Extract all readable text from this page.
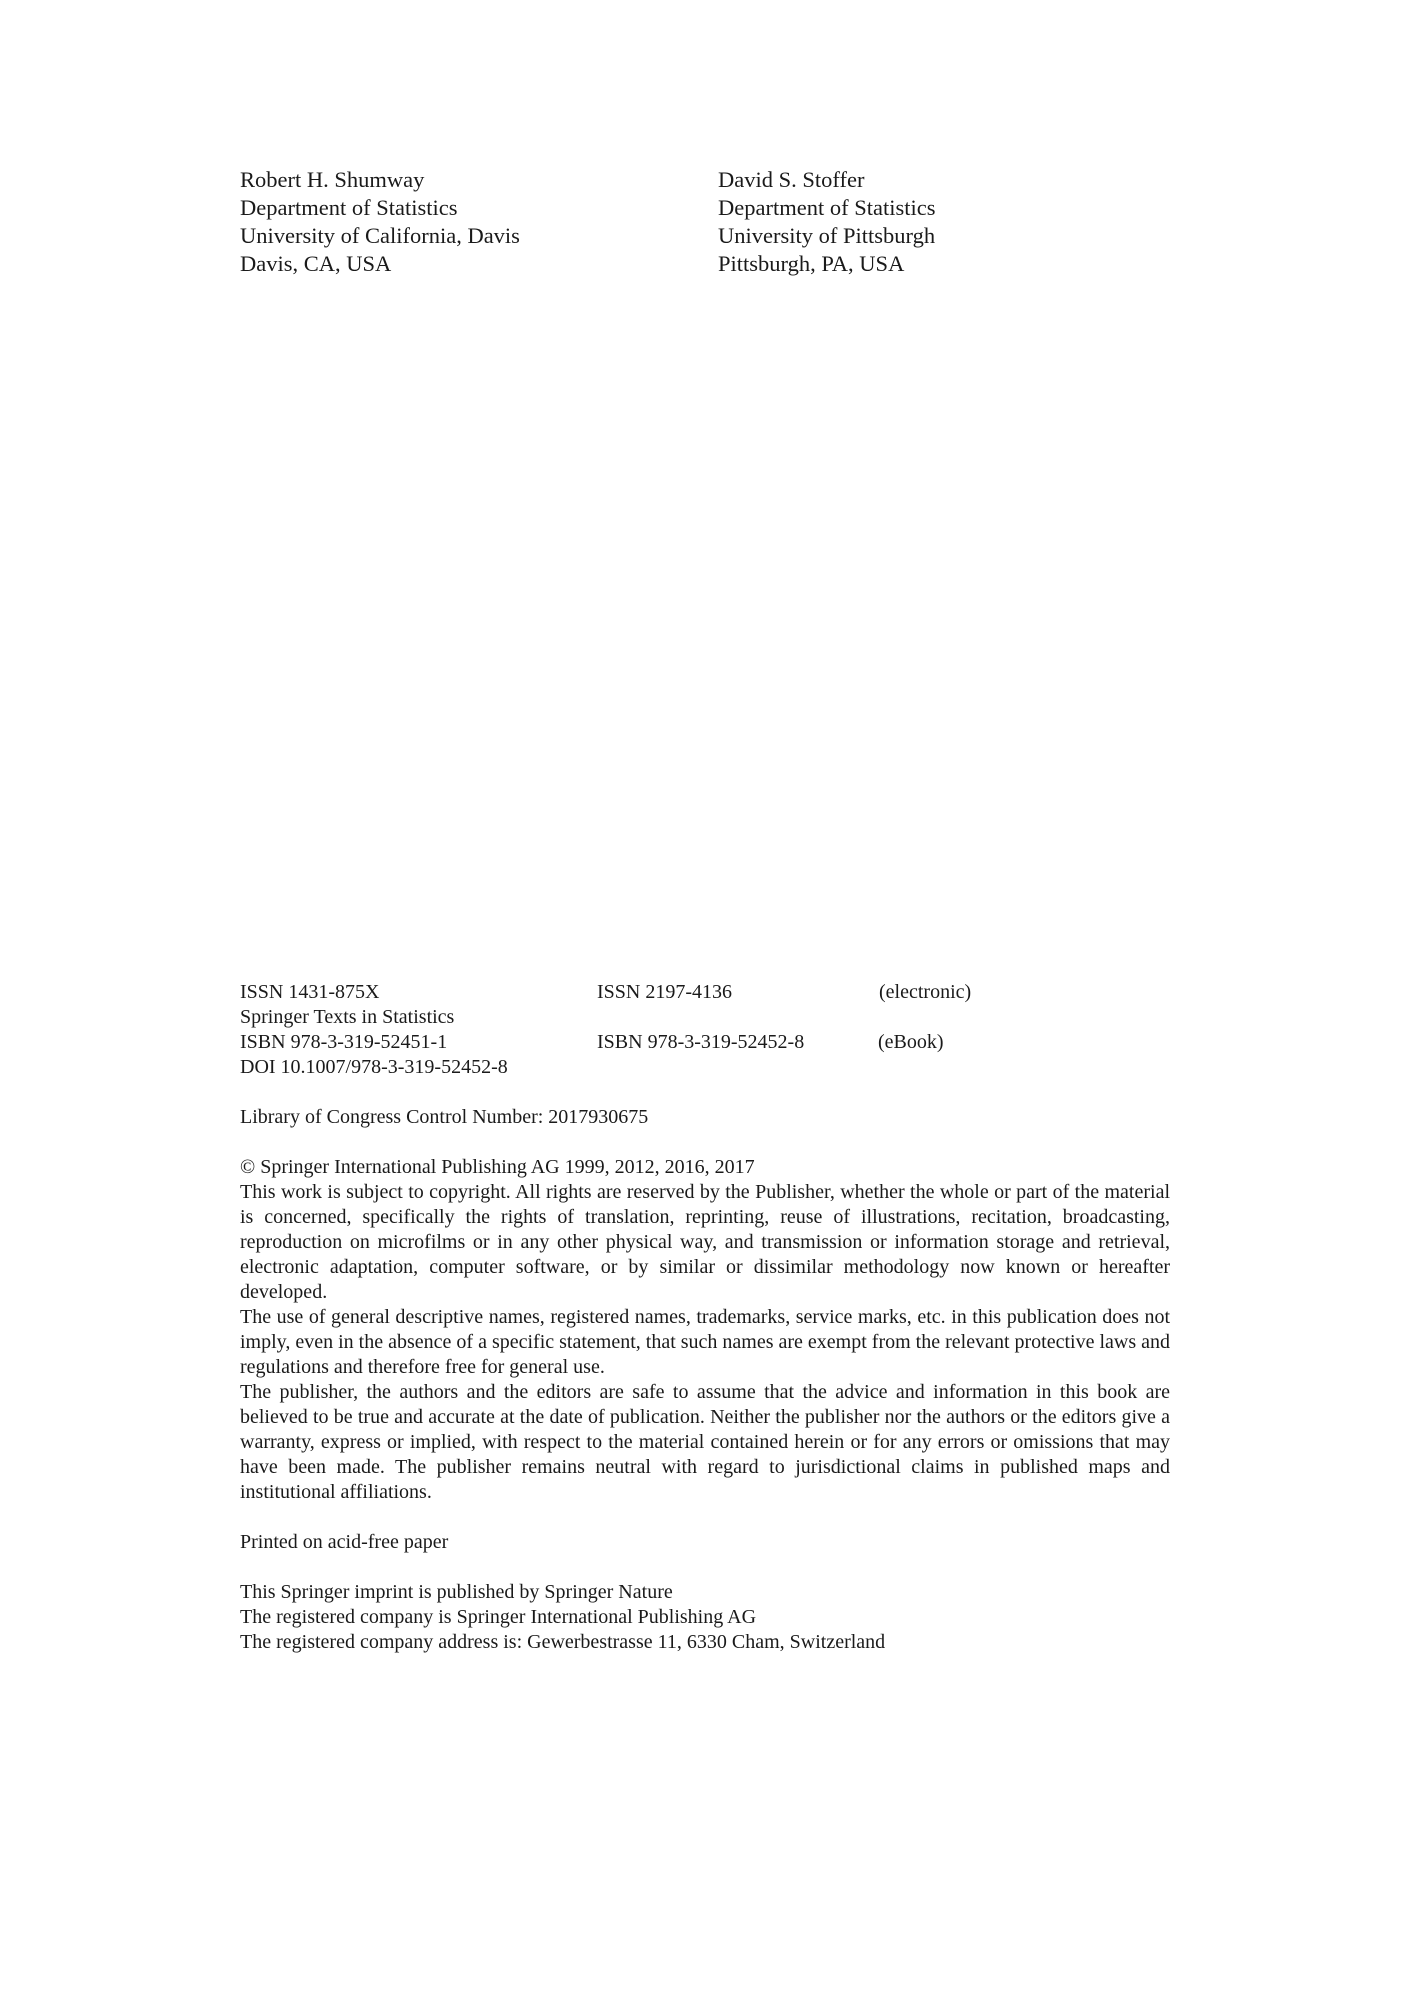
Robert H. Shumway
Department of Statistics
University of California, Davis
Davis, CA, USA
David S. Stoffer
Department of Statistics
University of Pittsburgh
Pittsburgh, PA, USA
ISSN 1431-875X	ISSN 2197-4136	(electronic)
Springer Texts in Statistics
ISBN 978-3-319-52451-1	ISBN 978-3-319-52452-8	(eBook)
DOI 10.1007/978-3-319-52452-8
Library of Congress Control Number: 2017930675
© Springer International Publishing AG 1999, 2012, 2016, 2017
This work is subject to copyright. All rights are reserved by the Publisher, whether the whole or part of the material is concerned, specifically the rights of translation, reprinting, reuse of illustrations, recitation, broadcasting, reproduction on microfilms or in any other physical way, and transmission or information storage and retrieval, electronic adaptation, computer software, or by similar or dissimilar methodology now known or hereafter developed.
The use of general descriptive names, registered names, trademarks, service marks, etc. in this publication does not imply, even in the absence of a specific statement, that such names are exempt from the relevant protective laws and regulations and therefore free for general use.
The publisher, the authors and the editors are safe to assume that the advice and information in this book are believed to be true and accurate at the date of publication. Neither the publisher nor the authors or the editors give a warranty, express or implied, with respect to the material contained herein or for any errors or omissions that may have been made. The publisher remains neutral with regard to jurisdictional claims in published maps and institutional affiliations.
Printed on acid-free paper
This Springer imprint is published by Springer Nature
The registered company is Springer International Publishing AG
The registered company address is: Gewerbestrasse 11, 6330 Cham, Switzerland
